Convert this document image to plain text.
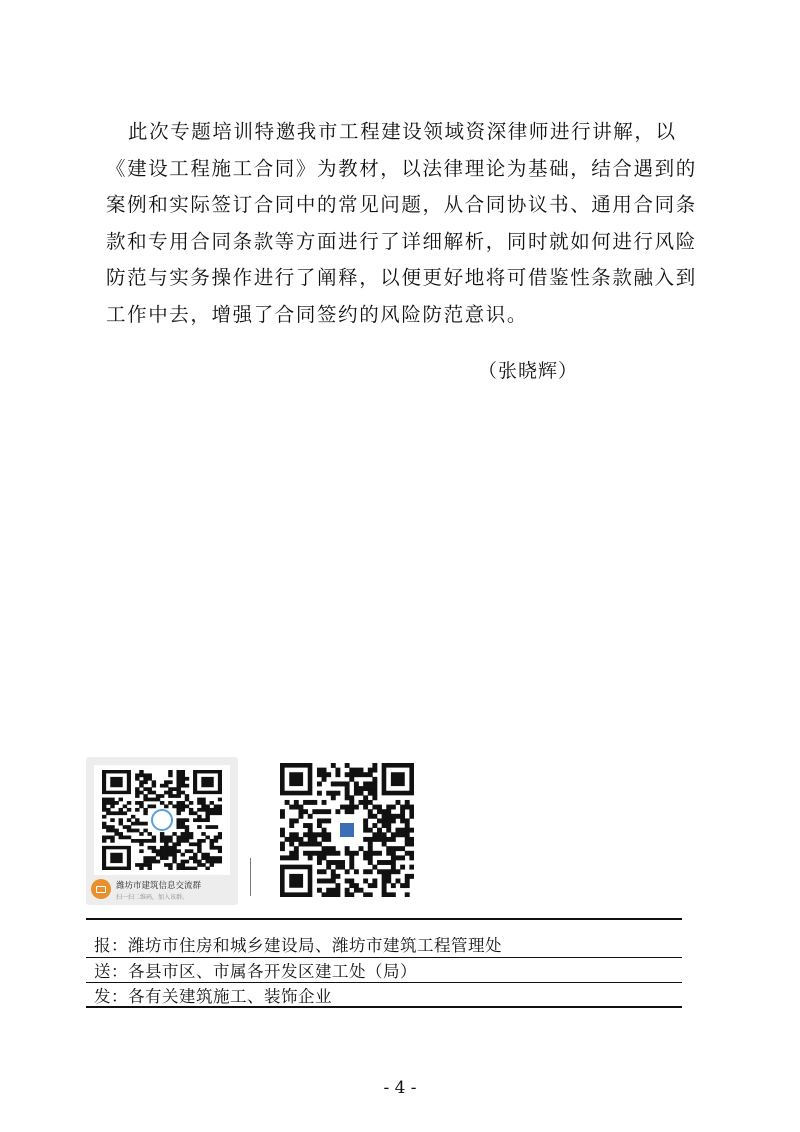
此次专题培训特邀我市工程建设领域资深律师进行讲解，以
《建设工程施工合同》为教材，以法律理论为基础，结合遇到的
案例和实际签订合同中的常见问题，从合同协议书、通用合同条
款和专用合同条款等方面进行了详细解析，同时就如何进行风险
防范与实务操作进行了阐释，以便更好地将可借鉴性条款融入到
工作中去，增强了合同签约的风险防范意识。
（张晓辉）
潍坊市建筑信息交流群
扫一扫二维码，加入该群。
报：潍坊市住房和城乡建设局、潍坊市建筑工程管理处
送：各县市区、市属各开发区建工处（局）
发：各有关建筑施工、装饰企业
- 4 -
